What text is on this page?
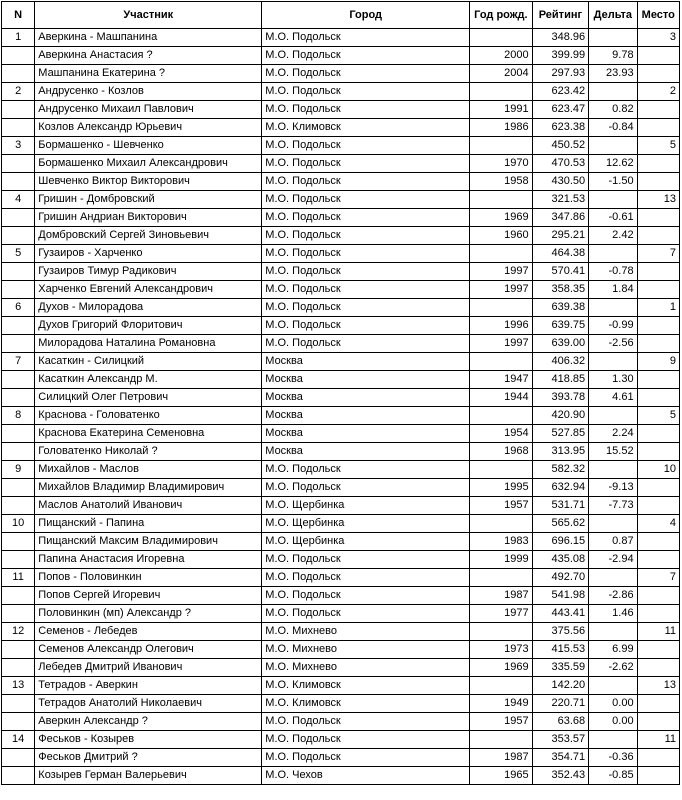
N	Участник	Город	Год рожд.	Рейтинг	Дельта	Место
1	Аверкина - Машпанина	М.О. Подольск		348.96		3
	Аверкина Анастасия ?	М.О. Подольск	2000	399.99	9.78	
	Машпанина Екатерина ?	М.О. Подольск	2004	297.93	23.93	
2	Андрусенко - Козлов	М.О. Подольск		623.42		2
	Андрусенко Михаил Павлович	М.О. Подольск	1991	623.47	0.82	
	Козлов Александр Юрьевич	М.О. Климовск	1986	623.38	-0.84	
3	Бормашенко - Шевченко	М.О. Подольск		450.52		5
	Бормашенко Михаил Александрович	М.О. Подольск	1970	470.53	12.62	
	Шевченко Виктор Викторович	М.О. Подольск	1958	430.50	-1.50	
4	Гришин - Домбровский	М.О. Подольск		321.53		13
	Гришин Андриан Викторович	М.О. Подольск	1969	347.86	-0.61	
	Домбровский Сергей Зиновьевич	М.О. Подольск	1960	295.21	2.42	
5	Гузаиров - Харченко	М.О. Подольск		464.38		7
	Гузаиров Тимур Радикович	М.О. Подольск	1997	570.41	-0.78	
	Харченко Евгений Александрович	М.О. Подольск	1997	358.35	1.84	
6	Духов - Милорадова	М.О. Подольск		639.38		1
	Духов Григорий Флоритович	М.О. Подольск	1996	639.75	-0.99	
	Милорадова Наталина Романовна	М.О. Подольск	1997	639.00	-2.56	
7	Касаткин - Силицкий	Москва		406.32		9
	Касаткин Александр М.	Москва	1947	418.85	1.30	
	Силицкий Олег Петрович	Москва	1944	393.78	4.61	
8	Краснова - Головатенко	Москва		420.90		5
	Краснова Екатерина Семеновна	Москва	1954	527.85	2.24	
	Головатенко Николай ?	Москва	1968	313.95	15.52	
9	Михайлов - Маслов	М.О. Подольск		582.32		10
	Михайлов Владимир Владимирович	М.О. Подольск	1995	632.94	-9.13	
	Маслов Анатолий Иванович	М.О. Щербинка	1957	531.71	-7.73	
10	Пищанский - Папина	М.О. Щербинка		565.62		4
	Пищанский Максим Владимирович	М.О. Щербинка	1983	696.15	0.87	
	Папина Анастасия Игоревна	М.О. Подольск	1999	435.08	-2.94	
11	Попов - Половинкин	М.О. Подольск		492.70		7
	Попов Сергей Игоревич	М.О. Подольск	1987	541.98	-2.86	
	Половинкин (мп) Александр ?	М.О. Подольск	1977	443.41	1.46	
12	Семенов - Лебедев	М.О. Михнево		375.56		11
	Семенов Александр Олегович	М.О. Михнево	1973	415.53	6.99	
	Лебедев Дмитрий Иванович	М.О. Михнево	1969	335.59	-2.62	
13	Тетрадов - Аверкин	М.О. Климовск		142.20		13
	Тетрадов Анатолий Николаевич	М.О. Климовск	1949	220.71	0.00	
	Аверкин Александр ?	М.О. Подольск	1957	63.68	0.00	
14	Феськов - Козырев	М.О. Подольск		353.57		11
	Феськов Дмитрий ?	М.О. Подольск	1987	354.71	-0.36	
	Козырев Герман Валерьевич	М.О. Чехов	1965	352.43	-0.85	
